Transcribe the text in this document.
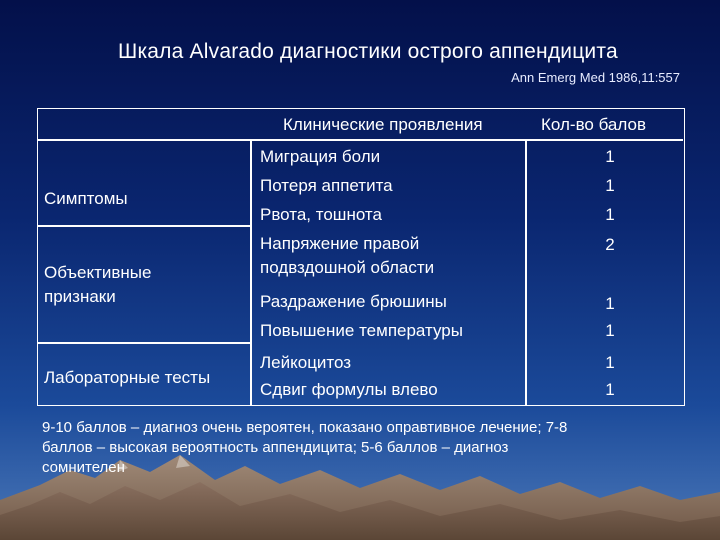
Шкала Alvarado диагностики острого аппендицита
Ann Emerg Med 1986,11:557
Клинические проявления	Кол-во балов
Симптомы
Миграция боли
Потеря аппетита
Рвота, тошнота
1
1
1
Объективные
признаки
Напряжение правой
подвздошной области
Раздражение брюшины
Повышение температуры
2
1
1
Лабораторные тесты
Лейкоцитоз
Сдвиг формулы влево
1
1
9-10 баллов – диагноз очень вероятен, показано оправтивное лечение; 7-8
баллов – высокая вероятность аппендицита; 5-6 баллов – диагноз
сомнителен
